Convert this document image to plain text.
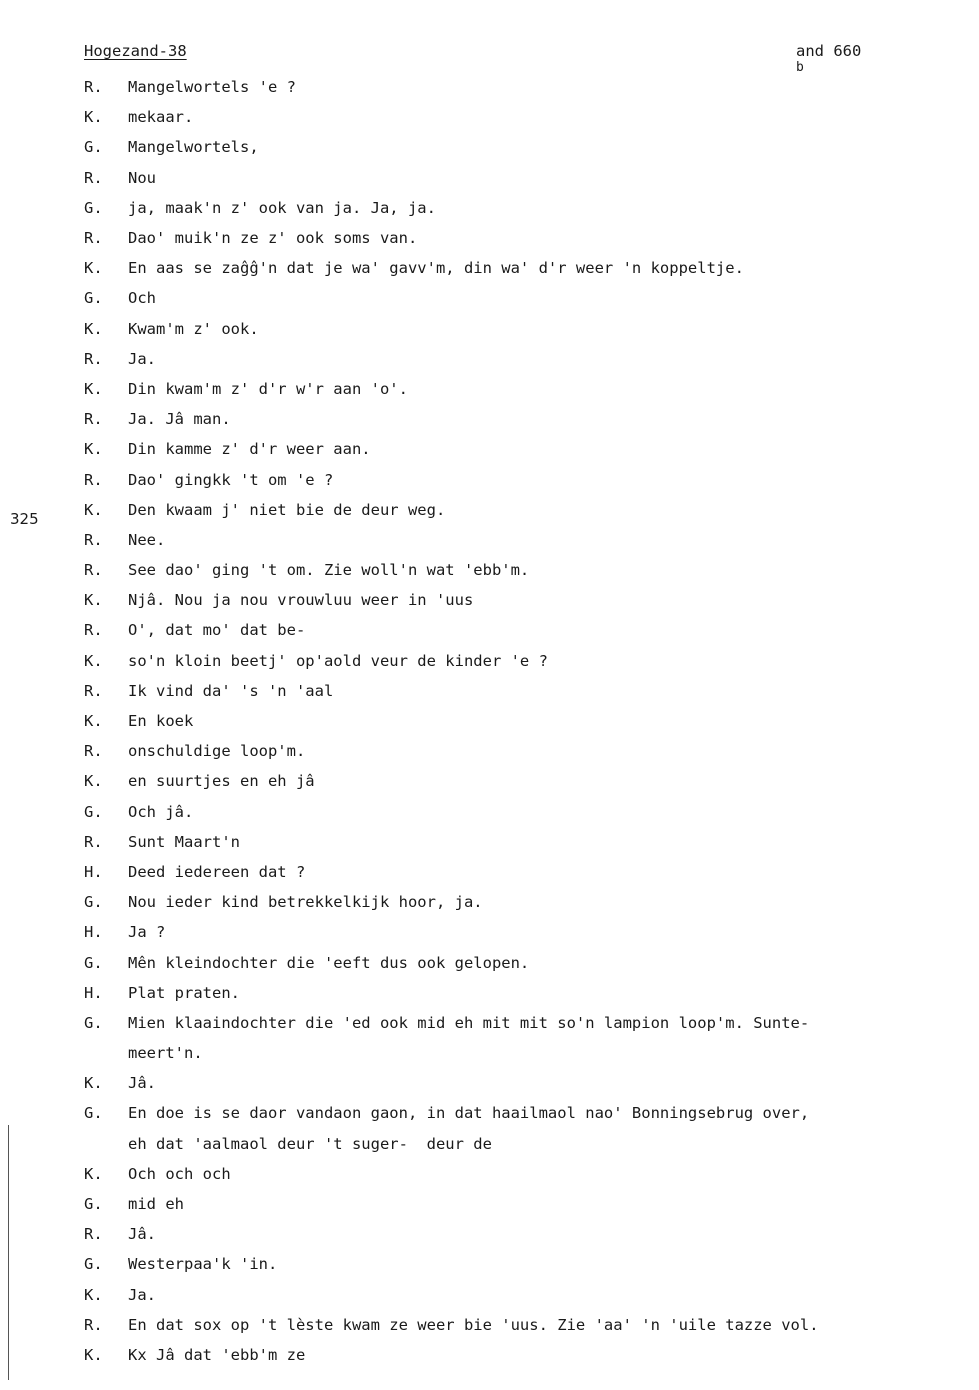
Hogezand-38	and 660
b
325
R.	Mangelwortels 'e ?
K.	mekaar.
G.	Mangelwortels,
R.	Nou
G.	ja, maak'n z' ook van ja. Ja, ja.
R.	Dao' muik'n ze z' ook soms van.
K.	En aas se zaĝĝ'n dat je wa' gavv'm, din wa' d'r weer 'n koppeltje.
G.	Och
K.	Kwam'm z' ook.
R.	Ja.
K.	Din kwam'm z' d'r w'r aan 'o'.
R.	Ja. Jâ man.
K.	Din kamme z' d'r weer aan.
R.	Dao' gingkk 't om 'e ?
K.	Den kwaam j' niet bie de deur weg.
R.	Nee.
R.	See dao' ging 't om. Zie woll'n wat 'ebb'm.
K.	Njâ. Nou ja nou vrouwluu weer in 'uus
R.	O', dat mo' dat be-
K.	so'n kloin beetj' op'aold veur de kinder 'e ?
R.	Ik vind da' 's 'n 'aal
K.	En koek
R.	onschuldige loop'm.
K.	en suurtjes en eh jâ
G.	Och jâ.
R.	Sunt Maart'n
H.	Deed iedereen dat ?
G.	Nou ieder kind betrekkelkijk hoor, ja.
H.	Ja ?
G.	Mên kleindochter die 'eeft dus ook gelopen.
H.	Plat praten.
G.	Mien klaaindochter die 'ed ook mid eh mit mit so'n lampion loop'm. Sunte-
meert'n.
K.	Jâ.
G.	En doe is se daor vandaon gaon, in dat haailmaol nao' Bonningsebrug over,
eh dat 'aalmaol deur 't suger-  deur de
K.	Och och och
G.	mid eh
R.	Jâ.
G.	Westerpaa'k 'in.
K.	Ja.
R.	En dat sox op 't lèste kwam ze weer bie 'uus. Zie 'aa' 'n 'uile tazze vol.
K.	Kx Jâ dat 'ebb'm ze
